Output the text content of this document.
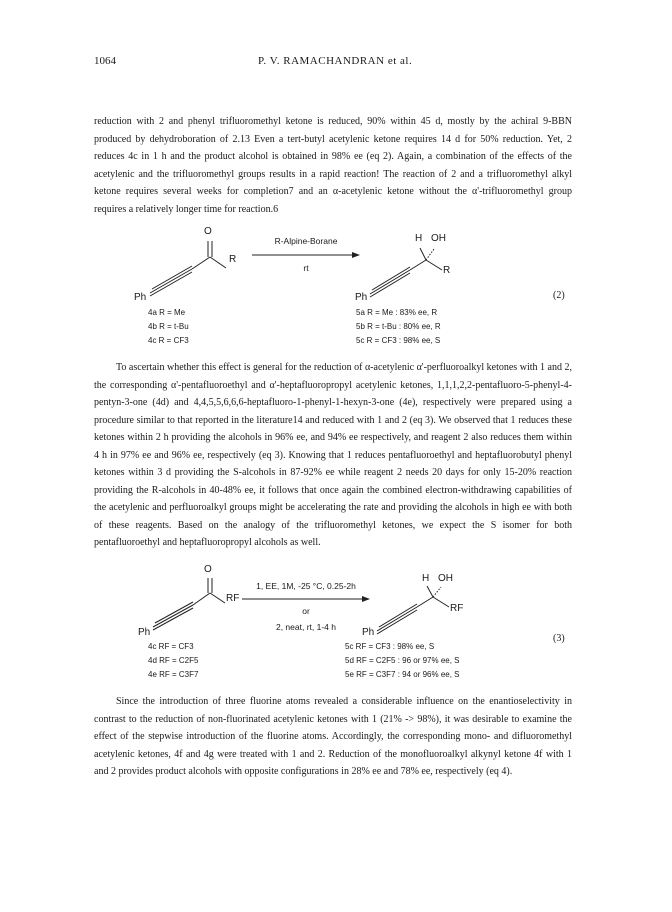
1064	P. V. RAMACHANDRAN et al.

reduction with 2 and phenyl trifluoromethyl ketone is reduced, 90% within 45 d, mostly by the achiral 9-BBN produced by dehydroboration of 2.13 Even a tert-butyl acetylenic ketone requires 14 d for 50% reduction. Yet, 2 reduces 4c in 1 h and the product alcohol is obtained in 98% ee (eq 2). Again, a combination of the effects of the acetylenic and the trifluoromethyl groups results in a rapid reaction! The reaction of 2 and a trifluoromethyl alkyl ketone requires several weeks for completion7 and an α-acetylenic ketone without the α'-trifluoromethyl group requires a relatively longer time for reaction.6

O
R
Ph
R-Alpine-Borane
rt
H OH
R
Ph	(2)
4a R = Me
4b R = t-Bu
4c R = CF3
5a R = Me : 83% ee, R
5b R = t-Bu : 80% ee, R
5c R = CF3 : 98% ee, S

To ascertain whether this effect is general for the reduction of α-acetylenic α'-perfluoroalkyl ketones with 1 and 2, the corresponding α'-pentafluoroethyl and α'-heptafluoropropyl acetylenic ketones, 1,1,1,2,2-pentafluoro-5-phenyl-4-pentyn-3-one (4d) and 4,4,5,5,6,6,6-heptafluoro-1-phenyl-1-hexyn-3-one (4e), respectively were prepared using a procedure similar to that reported in the literature14 and reduced with 1 and 2 (eq 3). We observed that 1 reduces these ketones within 2 h providing the alcohols in 96% ee, and 94% ee respectively, and reagent 2 also reduces them within 4 h in 97% ee and 96% ee, respectively (eq 3). Knowing that 1 reduces pentafluoroethyl and heptafluorobutyl phenyl ketones within 3 d providing the S-alcohols in 87-92% ee while reagent 2 needs 20 days for only 15-20% reaction providing the R-alcohols in 40-48% ee, it follows that once again the combined electron-withdrawing capabilities of the acetylenic and perfluoroalkyl groups might be accelerating the rate and providing the alcohols in high ee with both of these reagents. Based on the analogy of the trifluoromethyl ketones, we expect the S isomer for both pentafluoroethyl and heptafluoropropyl alcohols as well.

O
RF
Ph
1, EE, 1M, -25 °C, 0.25-2h
or
2, neat, rt, 1-4 h
H OH
RF
Ph
(3)
4c RF = CF3
4d RF = C2F5
4e RF = C3F7
5c RF = CF3 : 98% ee, S
5d RF = C2F5 : 96 or 97% ee, S
5e RF = C3F7 : 94 or 96% ee, S

Since the introduction of three fluorine atoms revealed a considerable influence on the enantioselectivity in contrast to the reduction of non-fluorinated acetylenic ketones with 1 (21% -> 98%), it was desirable to examine the effect of the stepwise introduction of the fluorine atoms. Accordingly, the corresponding mono- and difluoromethyl acetylenic ketones, 4f and 4g were treated with 1 and 2. Reduction of the monofluoroalkyl alkynyl ketone 4f with 1 and 2 provides product alcohols with opposite configurations in 28% ee and 78% ee, respectively (eq 4).
